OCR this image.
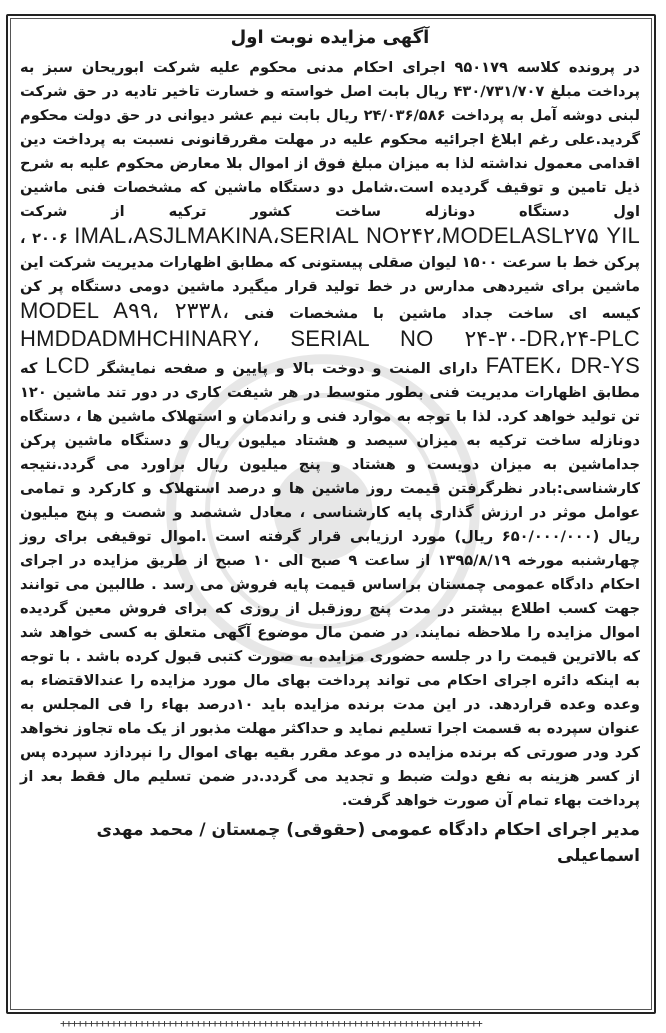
آگهی مزایده نوبت اول

در پرونده کلاسه ۹۵۰۱۷۹ اجرای احکام مدنی محکوم علیه شرکت ابوریحان سبز به پرداخت مبلغ ۴۳۰/۷۳۱/۷۰۷ ریال بابت اصل خواسته و خسارت تاخیر تادیه در حق شرکت لبنی دوشه آمل به پرداخت ۲۴/۰۳۶/۵۸۶ ریال بابت نیم عشر دیوانی در حق دولت محکوم گردید.علی رغم ابلاغ اجرائیه محکوم علیه در مهلت مقررقانونی نسبت به پرداخت دین اقدامی معمول نداشته لذا به میزان مبلغ فوق از اموال بلا معارض محکوم علیه به شرح ذیل تامین و توقیف گردیده است.شامل دو دستگاه ماشین که مشخصات فنی ماشین اول دستگاه دونازله ساخت کشور ترکیه از شرکت IMAL،ASJLMAKINA،SERIAL NO۲۴۲،MODELASL۲۷۵ YIL ۲۰۰۶ ، پرکن خط با سرعت ۱۵۰۰ لیوان صقلی پیستونی که مطابق اظهارات مدیریت شرکت این ماشین برای شیردهی مدارس در خط تولید قرار میگیرد ماشین دومی دستگاه پر کن کیسه ای ساخت جداد ماشین با مشخصات فنی MODEL A۹۹، ۲۳۳۸، HMDDADMHCHINARY، SERIAL NO ۲۴-۳۰-DR،۲۴-PLC FATEK، DR-YS دارای المنت و دوخت بالا و پایین و صفحه نمایشگر LCD که مطابق اظهارات مدیریت فنی بطور متوسط در هر شیفت کاری در دور تند ماشین ۱۲۰ تن تولید خواهد کرد. لذا با توجه به موارد فنی و راندمان و استهلاک ماشین ها ، دستگاه دونازله ساخت ترکیه به میزان سیصد و هشتاد میلیون ریال و دستگاه ماشین پرکن جداماشین به میزان دویست و هشتاد و پنج میلیون ریال براورد می گردد.نتیجه کارشناسی:بادر نظرگرفتن قیمت روز ماشین ها و درصد استهلاک و کارکرد و تمامی عوامل موثر در ارزش گذاری پایه کارشناسی ، معادل ششصد و شصت و پنج میلیون ریال (۶۵۰/۰۰۰/۰۰۰ ریال) مورد ارزیابی قرار گرفته است .اموال توقیفی برای روز چهارشنبه مورخه ۱۳۹۵/۸/۱۹ از ساعت ۹ صبح الی ۱۰ صبح از طریق مزایده در اجرای احکام دادگاه عمومی چمستان براساس قیمت پایه فروش می رسد . طالبین می توانند جهت کسب اطلاع بیشتر در مدت پنج روزقبل از روزی که برای فروش معین گردیده اموال مزایده را ملاحظه نمایند. در ضمن مال موضوع آگهی متعلق به کسی خواهد شد که بالاترین قیمت را در جلسه حضوری مزایده به صورت کتبی قبول کرده باشد . با توجه به اینکه دائره اجرای احکام می تواند پرداخت بهای مال مورد مزایده را عندالاقتضاء به وعده وعده قراردهد. در این مدت برنده مزایده باید ۱۰درصد بهاء را فی المجلس به عنوان سپرده به قسمت اجرا تسلیم نماید و حداکثر مهلت مذبور از یک ماه تجاوز نخواهد کرد ودر صورتی که برنده مزایده در موعد مقرر بقیه بهای اموال را نپردازد سپرده پس از کسر هزینه به نفع دولت ضبط و تجدید می گردد.در ضمن تسلیم مال فقط بعد از پرداخت بهاء تمام آن صورت خواهد گرفت.

مدیر اجرای احکام دادگاه عمومی (حقوقی) چمستان / محمد مهدی اسماعیلی
+++++++++++++++++++++++++++++++++++++++++++++++++++++++++++++++++++++++++++
